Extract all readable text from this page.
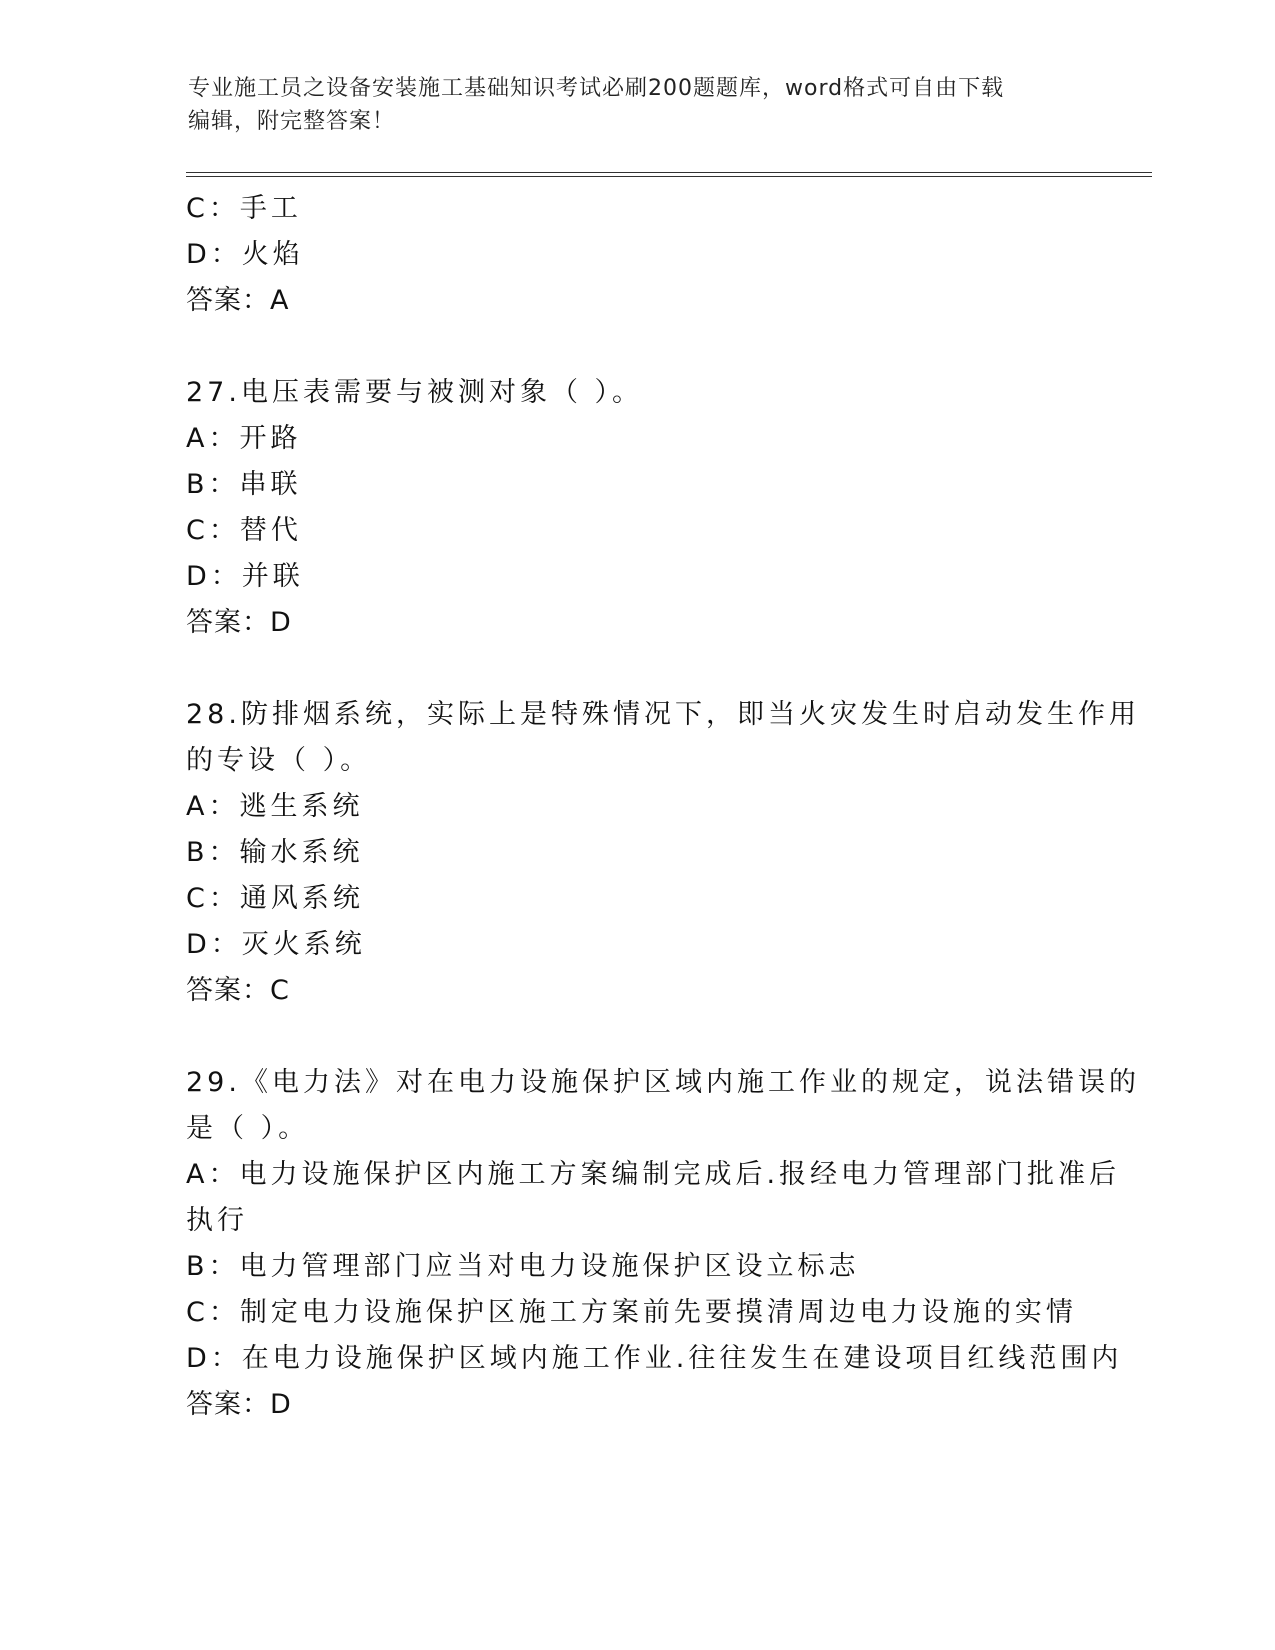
专业施工员之设备安装施工基础知识考试必刷200题题库，word格式可自由下载
编辑，附完整答案！
C：手工
D：火焰
答案：A
27.电压表需要与被测对象（ ）。
A：开路
B：串联
C：替代
D：并联
答案：D
28.防排烟系统，实际上是特殊情况下，即当火灾发生时启动发生作用
的专设（ ）。
A：逃生系统
B：输水系统
C：通风系统
D：灭火系统
答案：C
29.《电力法》对在电力设施保护区域内施工作业的规定，说法错误的
是（ ）。
A：电力设施保护区内施工方案编制完成后.报经电力管理部门批准后
执行
B：电力管理部门应当对电力设施保护区设立标志
C：制定电力设施保护区施工方案前先要摸清周边电力设施的实情
D：在电力设施保护区域内施工作业.往往发生在建设项目红线范围内
答案：D
